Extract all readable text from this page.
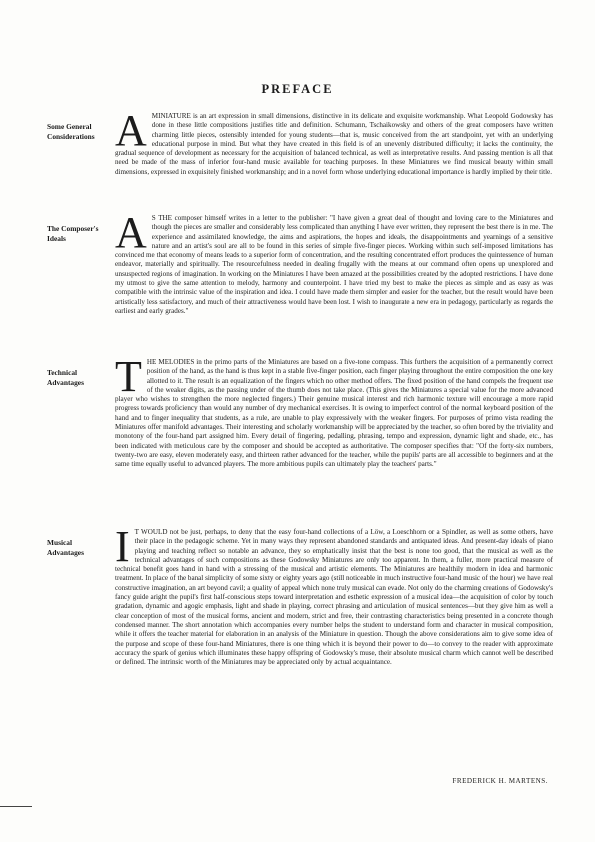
PREFACE
Some General
Considerations AMINIATURE is an art expression in small dimensions, distinctive in its delicate and exquisite workmanship. What Leopold Godowsky has done in these little compositions justifies title and definition. Schumann, Tschaikowsky and others of the great composers have written charming little pieces, ostensibly intended for young students—that is, music conceived from the art standpoint, yet with an underlying educational purpose in mind. But what they have created in this field is of an unevenly distributed difficulty; it lacks the continuity, the gradual sequence of development as necessary for the acquisition of balanced technical, as well as interpretative results. And passing mention is all that need be made of the mass of inferior four-hand music available for teaching purposes. In these Miniatures we find musical beauty within small dimensions, expressed in exquisitely finished workmanship; and in a novel form whose underlying educational importance is hardly implied by their title.

The Composer's
Ideals	A S THE composer himself writes in a letter to the publisher: "I have given a great deal of thought and loving care to the Miniatures and though the pieces are smaller and considerably less complicated than anything I have ever written, they represent the best there is in me. The experience and assimilated knowledge, the aims and aspirations, the hopes and ideals, the disappointments and yearnings of a sensitive nature and an artist's soul are all to be found in this series of simple five-finger pieces. Working within such self-imposed limitations has convinced me that economy of means leads to a superior form of concentration, and the resulting concentrated effort produces the quintessence of human endeavor, materially and spiritually. The resourcefulness needed in dealing frugally with the means at our command often opens up unexplored and unsuspected regions of imagination. In working on the Miniatures I have been amazed at the possibilities created by the adopted restrictions. I have done my utmost to give the same attention to melody, harmony and counterpoint. I have tried my best to make the pieces as simple and as easy as was compatible with the intrinsic value of the inspiration and idea. I could have made them simpler and easier for the teacher, but the result would have been artistically less satisfactory, and much of their attractiveness would have been lost. I wish to inaugurate a new era in pedagogy, particularly as regards the earliest and early grades."

Technical
Advantages THE MELODIES in the primo parts of the Miniatures are based on a five-tone compass. This furthers the acquisition of a permanently correct position of the hand, as the hand is thus kept in a stable five-finger position, each finger playing throughout the entire composition the one key allotted to it. The result is an equalization of the fingers which no other method offers. The fixed position of the hand compels the frequent use of the weaker digits, as the passing under of the thumb does not take place. (This gives the Miniatures a special value for the more advanced player who wishes to strengthen the more neglected fingers.) Their genuine musical interest and rich harmonic texture will encourage a more rapid progress towards proficiency than would any number of dry mechanical exercises. It is owing to imperfect control of the normal keyboard position of the hand and to finger inequality that students, as a rule, are unable to play expressively with the weaker fingers. For purposes of primo vista reading the Miniatures offer manifold advantages. Their interesting and scholarly workmanship will be appreciated by the teacher, so often bored by the triviality and monotony of the four-hand part assigned him. Every detail of fingering, pedalling, phrasing, tempo and expression, dynamic light and shade, etc., has been indicated with meticulous care by the composer and should be accepted as authoritative. The composer specifies that: "Of the forty-six numbers, twenty-two are easy, eleven moderately easy, and thirteen rather advanced for the teacher, while the pupils' parts are all accessible to beginners and at the same time equally useful to advanced players. The more ambitious pupils can ultimately play the teachers' parts."

Musical
Advantages I T WOULD not be just, perhaps, to deny that the easy four-hand collections of a Löw, a Loeschhorn or a Spindler, as well as some others, have their place in the pedagogic scheme. Yet in many ways they represent abandoned standards and antiquated ideas. And present-day ideals of piano playing and teaching reflect so notable an advance, they so emphatically insist that the best is none too good, that the musical as well as the technical advantages of such compositions as these Godowsky Miniatures are only too apparent. In them, a fuller, more practical measure of technical benefit goes hand in hand with a stressing of the musical and artistic elements. The Miniatures are healthily modern in idea and harmonic treatment. In place of the banal simplicity of some sixty or eighty years ago (still noticeable in much instructive four-hand music of the hour) we have real constructive imagination, an art beyond cavil; a quality of appeal which none truly musical can evade. Not only do the charming creations of Godowsky's fancy guide aright the pupil's first half-conscious steps toward interpretation and esthetic expression of a musical idea—the acquisition of color by touch gradation, dynamic and agogic emphasis, light and shade in playing, correct phrasing and articulation of musical sentences—but they give him as well a clear conception of most of the musical forms, ancient and modern, strict and free, their contrasting characteristics being presented in a concrete though condensed manner. The short annotation which accompanies every number helps the student to understand form and character in musical composition, while it offers the teacher material for elaboration in an analysis of the Miniature in question. Though the above considerations aim to give some idea of the purpose and scope of these four-hand Miniatures, there is one thing which it is beyond their power to do—to convey to the reader with approximate accuracy the spark of genius which illuminates these happy offspring of Godowsky's muse, their absolute musical charm which cannot well be described or defined. The intrinsic worth of the Miniatures may be appreciated only by actual acquaintance.

FREDERICK H. MARTENS.
